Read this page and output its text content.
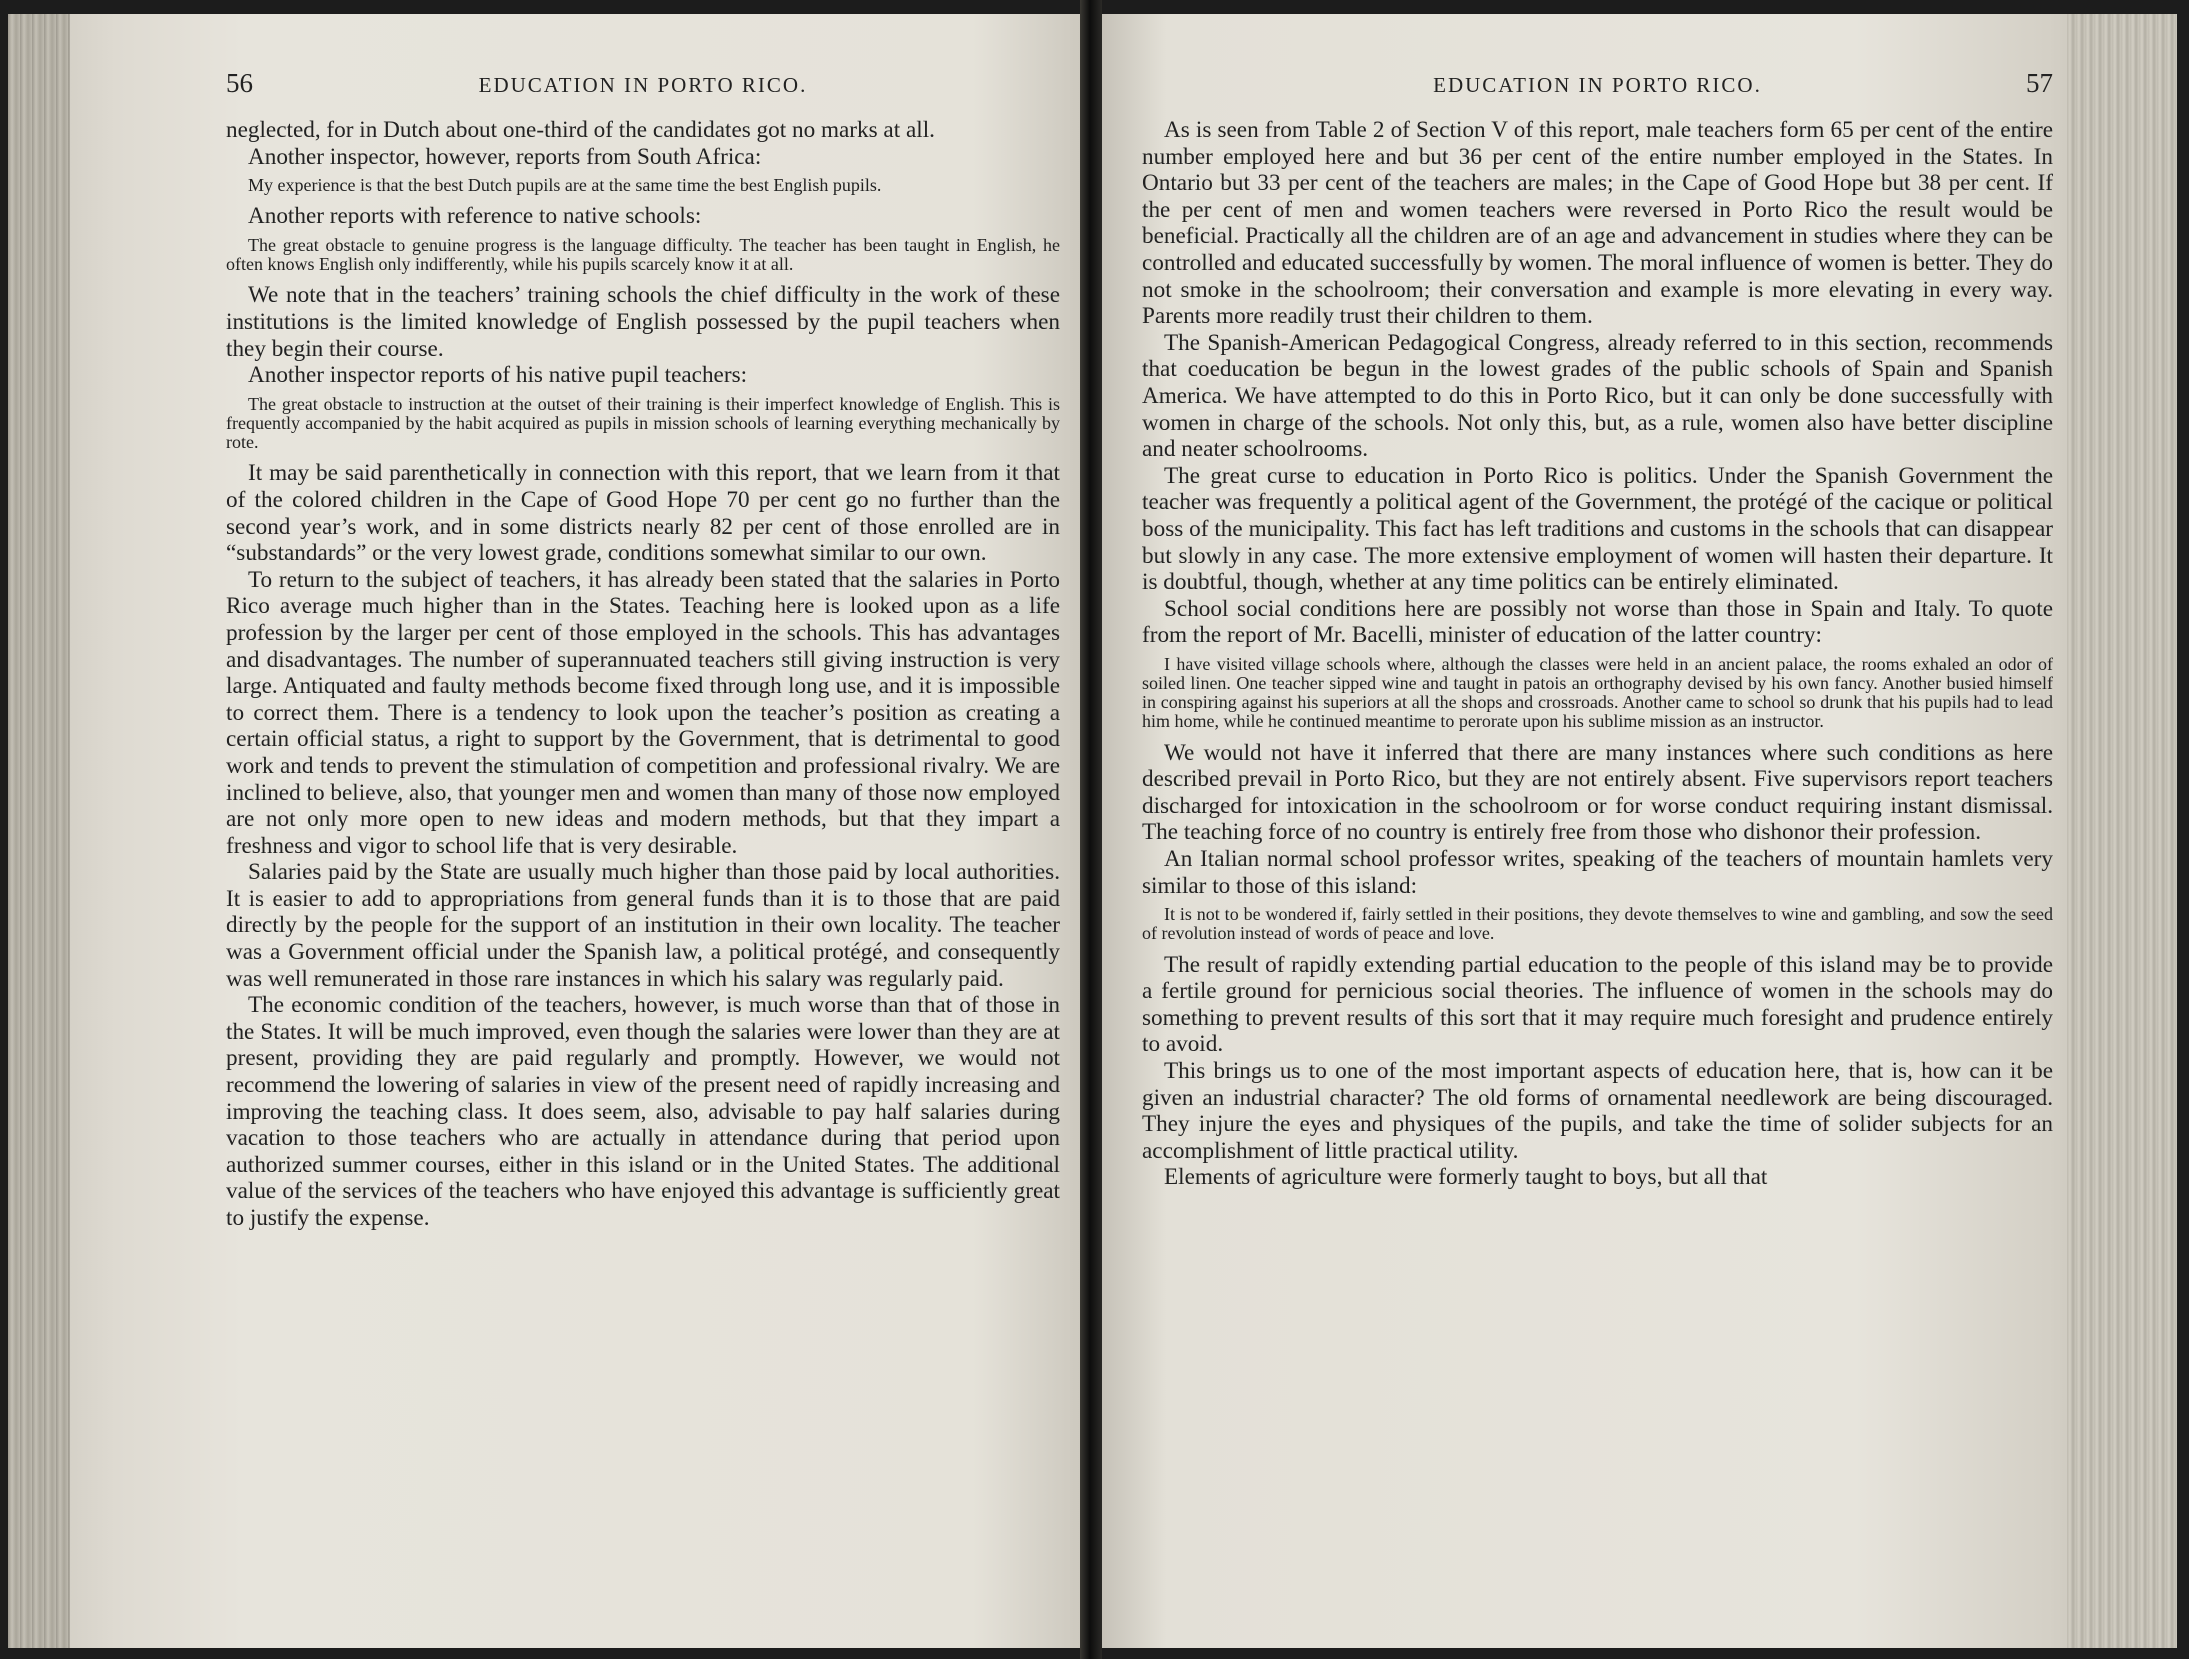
56	EDUCATION IN PORTO RICO.

neglected, for in Dutch about one-third of the candidates got no marks at all.

Another inspector, however, reports from South Africa:

My experience is that the best Dutch pupils are at the same time the best English pupils.

Another reports with reference to native schools:

The great obstacle to genuine progress is the language difficulty. The teacher has been taught in English, he often knows English only indifferently, while his pupils scarcely know it at all.

We note that in the teachers’ training schools the chief difficulty in the work of these institutions is the limited knowledge of English possessed by the pupil teachers when they begin their course.

Another inspector reports of his native pupil teachers:

The great obstacle to instruction at the outset of their training is their imperfect knowledge of English. This is frequently accompanied by the habit acquired as pupils in mission schools of learning everything mechanically by rote.

It may be said parenthetically in connection with this report, that we learn from it that of the colored children in the Cape of Good Hope 70 per cent go no further than the second year’s work, and in some districts nearly 82 per cent of those enrolled are in “substandards” or the very lowest grade, conditions somewhat similar to our own.

To return to the subject of teachers, it has already been stated that the salaries in Porto Rico average much higher than in the States. Teaching here is looked upon as a life profession by the larger per cent of those employed in the schools. This has advantages and disadvantages. The number of superannuated teachers still giving instruction is very large. Antiquated and faulty methods become fixed through long use, and it is impossible to correct them. There is a tendency to look upon the teacher’s position as creating a certain official status, a right to support by the Government, that is detrimental to good work and tends to prevent the stimulation of competition and professional rivalry. We are inclined to believe, also, that younger men and women than many of those now employed are not only more open to new ideas and modern methods, but that they impart a freshness and vigor to school life that is very desirable.

Salaries paid by the State are usually much higher than those paid by local authorities. It is easier to add to appropriations from general funds than it is to those that are paid directly by the people for the support of an institution in their own locality. The teacher was a Government official under the Spanish law, a political protégé, and consequently was well remunerated in those rare instances in which his salary was regularly paid.

The economic condition of the teachers, however, is much worse than that of those in the States. It will be much improved, even though the salaries were lower than they are at present, providing they are paid regularly and promptly. However, we would not recommend the lowering of salaries in view of the present need of rapidly increasing and improving the teaching class. It does seem, also, advisable to pay half salaries during vacation to those teachers who are actually in attendance during that period upon authorized summer courses, either in this island or in the United States. The additional value of the services of the teachers who have enjoyed this advantage is sufficiently great to justify the expense.

EDUCATION IN PORTO RICO.	57

As is seen from Table 2 of Section V of this report, male teachers form 65 per cent of the entire number employed here and but 36 per cent of the entire number employed in the States. In Ontario but 33 per cent of the teachers are males; in the Cape of Good Hope but 38 per cent. If the per cent of men and women teachers were reversed in Porto Rico the result would be beneficial. Practically all the children are of an age and advancement in studies where they can be controlled and educated successfully by women. The moral influence of women is better. They do not smoke in the schoolroom; their conversation and example is more elevating in every way. Parents more readily trust their children to them.

The Spanish-American Pedagogical Congress, already referred to in this section, recommends that coeducation be begun in the lowest grades of the public schools of Spain and Spanish America. We have attempted to do this in Porto Rico, but it can only be done successfully with women in charge of the schools. Not only this, but, as a rule, women also have better discipline and neater schoolrooms.

The great curse to education in Porto Rico is politics. Under the Spanish Government the teacher was frequently a political agent of the Government, the protégé of the cacique or political boss of the municipality. This fact has left traditions and customs in the schools that can disappear but slowly in any case. The more extensive employment of women will hasten their departure. It is doubtful, though, whether at any time politics can be entirely eliminated.

School social conditions here are possibly not worse than those in Spain and Italy. To quote from the report of Mr. Bacelli, minister of education of the latter country:

I have visited village schools where, although the classes were held in an ancient palace, the rooms exhaled an odor of soiled linen. One teacher sipped wine and taught in patois an orthography devised by his own fancy. Another busied himself in conspiring against his superiors at all the shops and crossroads. Another came to school so drunk that his pupils had to lead him home, while he continued meantime to perorate upon his sublime mission as an instructor.

We would not have it inferred that there are many instances where such conditions as here described prevail in Porto Rico, but they are not entirely absent. Five supervisors report teachers discharged for intoxication in the schoolroom or for worse conduct requiring instant dismissal. The teaching force of no country is entirely free from those who dishonor their profession.

An Italian normal school professor writes, speaking of the teachers of mountain hamlets very similar to those of this island:

It is not to be wondered if, fairly settled in their positions, they devote themselves to wine and gambling, and sow the seed of revolution instead of words of peace and love.

The result of rapidly extending partial education to the people of this island may be to provide a fertile ground for pernicious social theories. The influence of women in the schools may do something to prevent results of this sort that it may require much foresight and prudence entirely to avoid.

This brings us to one of the most important aspects of education here, that is, how can it be given an industrial character? The old forms of ornamental needlework are being discouraged. They injure the eyes and physiques of the pupils, and take the time of solider subjects for an accomplishment of little practical utility.

Elements of agriculture were formerly taught to boys, but all that
